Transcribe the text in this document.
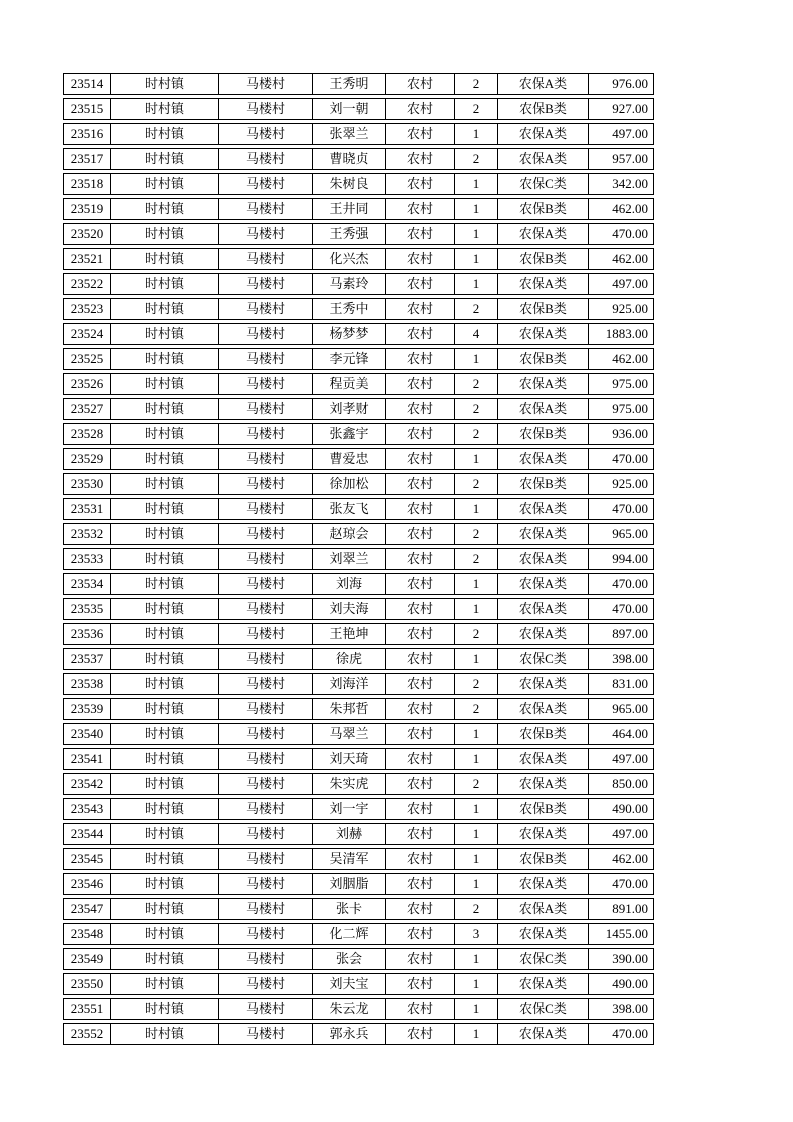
23514	时村镇	马楼村	王秀明	农村	2	农保A类	976.00
23515	时村镇	马楼村	刘一朝	农村	2	农保B类	927.00
23516	时村镇	马楼村	张翠兰	农村	1	农保A类	497.00
23517	时村镇	马楼村	曹晓贞	农村	2	农保A类	957.00
23518	时村镇	马楼村	朱树良	农村	1	农保C类	342.00
23519	时村镇	马楼村	王井同	农村	1	农保B类	462.00
23520	时村镇	马楼村	王秀强	农村	1	农保A类	470.00
23521	时村镇	马楼村	化兴杰	农村	1	农保B类	462.00
23522	时村镇	马楼村	马素玲	农村	1	农保A类	497.00
23523	时村镇	马楼村	王秀中	农村	2	农保B类	925.00
23524	时村镇	马楼村	杨梦梦	农村	4	农保A类	1883.00
23525	时村镇	马楼村	李元锋	农村	1	农保B类	462.00
23526	时村镇	马楼村	程贡美	农村	2	农保A类	975.00
23527	时村镇	马楼村	刘孝财	农村	2	农保A类	975.00
23528	时村镇	马楼村	张鑫宇	农村	2	农保B类	936.00
23529	时村镇	马楼村	曹爱忠	农村	1	农保A类	470.00
23530	时村镇	马楼村	徐加松	农村	2	农保B类	925.00
23531	时村镇	马楼村	张友飞	农村	1	农保A类	470.00
23532	时村镇	马楼村	赵琼会	农村	2	农保A类	965.00
23533	时村镇	马楼村	刘翠兰	农村	2	农保A类	994.00
23534	时村镇	马楼村	刘海	农村	1	农保A类	470.00
23535	时村镇	马楼村	刘夫海	农村	1	农保A类	470.00
23536	时村镇	马楼村	王艳坤	农村	2	农保A类	897.00
23537	时村镇	马楼村	徐虎	农村	1	农保C类	398.00
23538	时村镇	马楼村	刘海洋	农村	2	农保A类	831.00
23539	时村镇	马楼村	朱邦哲	农村	2	农保A类	965.00
23540	时村镇	马楼村	马翠兰	农村	1	农保B类	464.00
23541	时村镇	马楼村	刘天琦	农村	1	农保A类	497.00
23542	时村镇	马楼村	朱实虎	农村	2	农保A类	850.00
23543	时村镇	马楼村	刘一宇	农村	1	农保B类	490.00
23544	时村镇	马楼村	刘赫	农村	1	农保A类	497.00
23545	时村镇	马楼村	吴清军	农村	1	农保B类	462.00
23546	时村镇	马楼村	刘胭脂	农村	1	农保A类	470.00
23547	时村镇	马楼村	张卡	农村	2	农保A类	891.00
23548	时村镇	马楼村	化二辉	农村	3	农保A类	1455.00
23549	时村镇	马楼村	张会	农村	1	农保C类	390.00
23550	时村镇	马楼村	刘夫宝	农村	1	农保A类	490.00
23551	时村镇	马楼村	朱云龙	农村	1	农保C类	398.00
23552	时村镇	马楼村	郭永兵	农村	1	农保A类	470.00
